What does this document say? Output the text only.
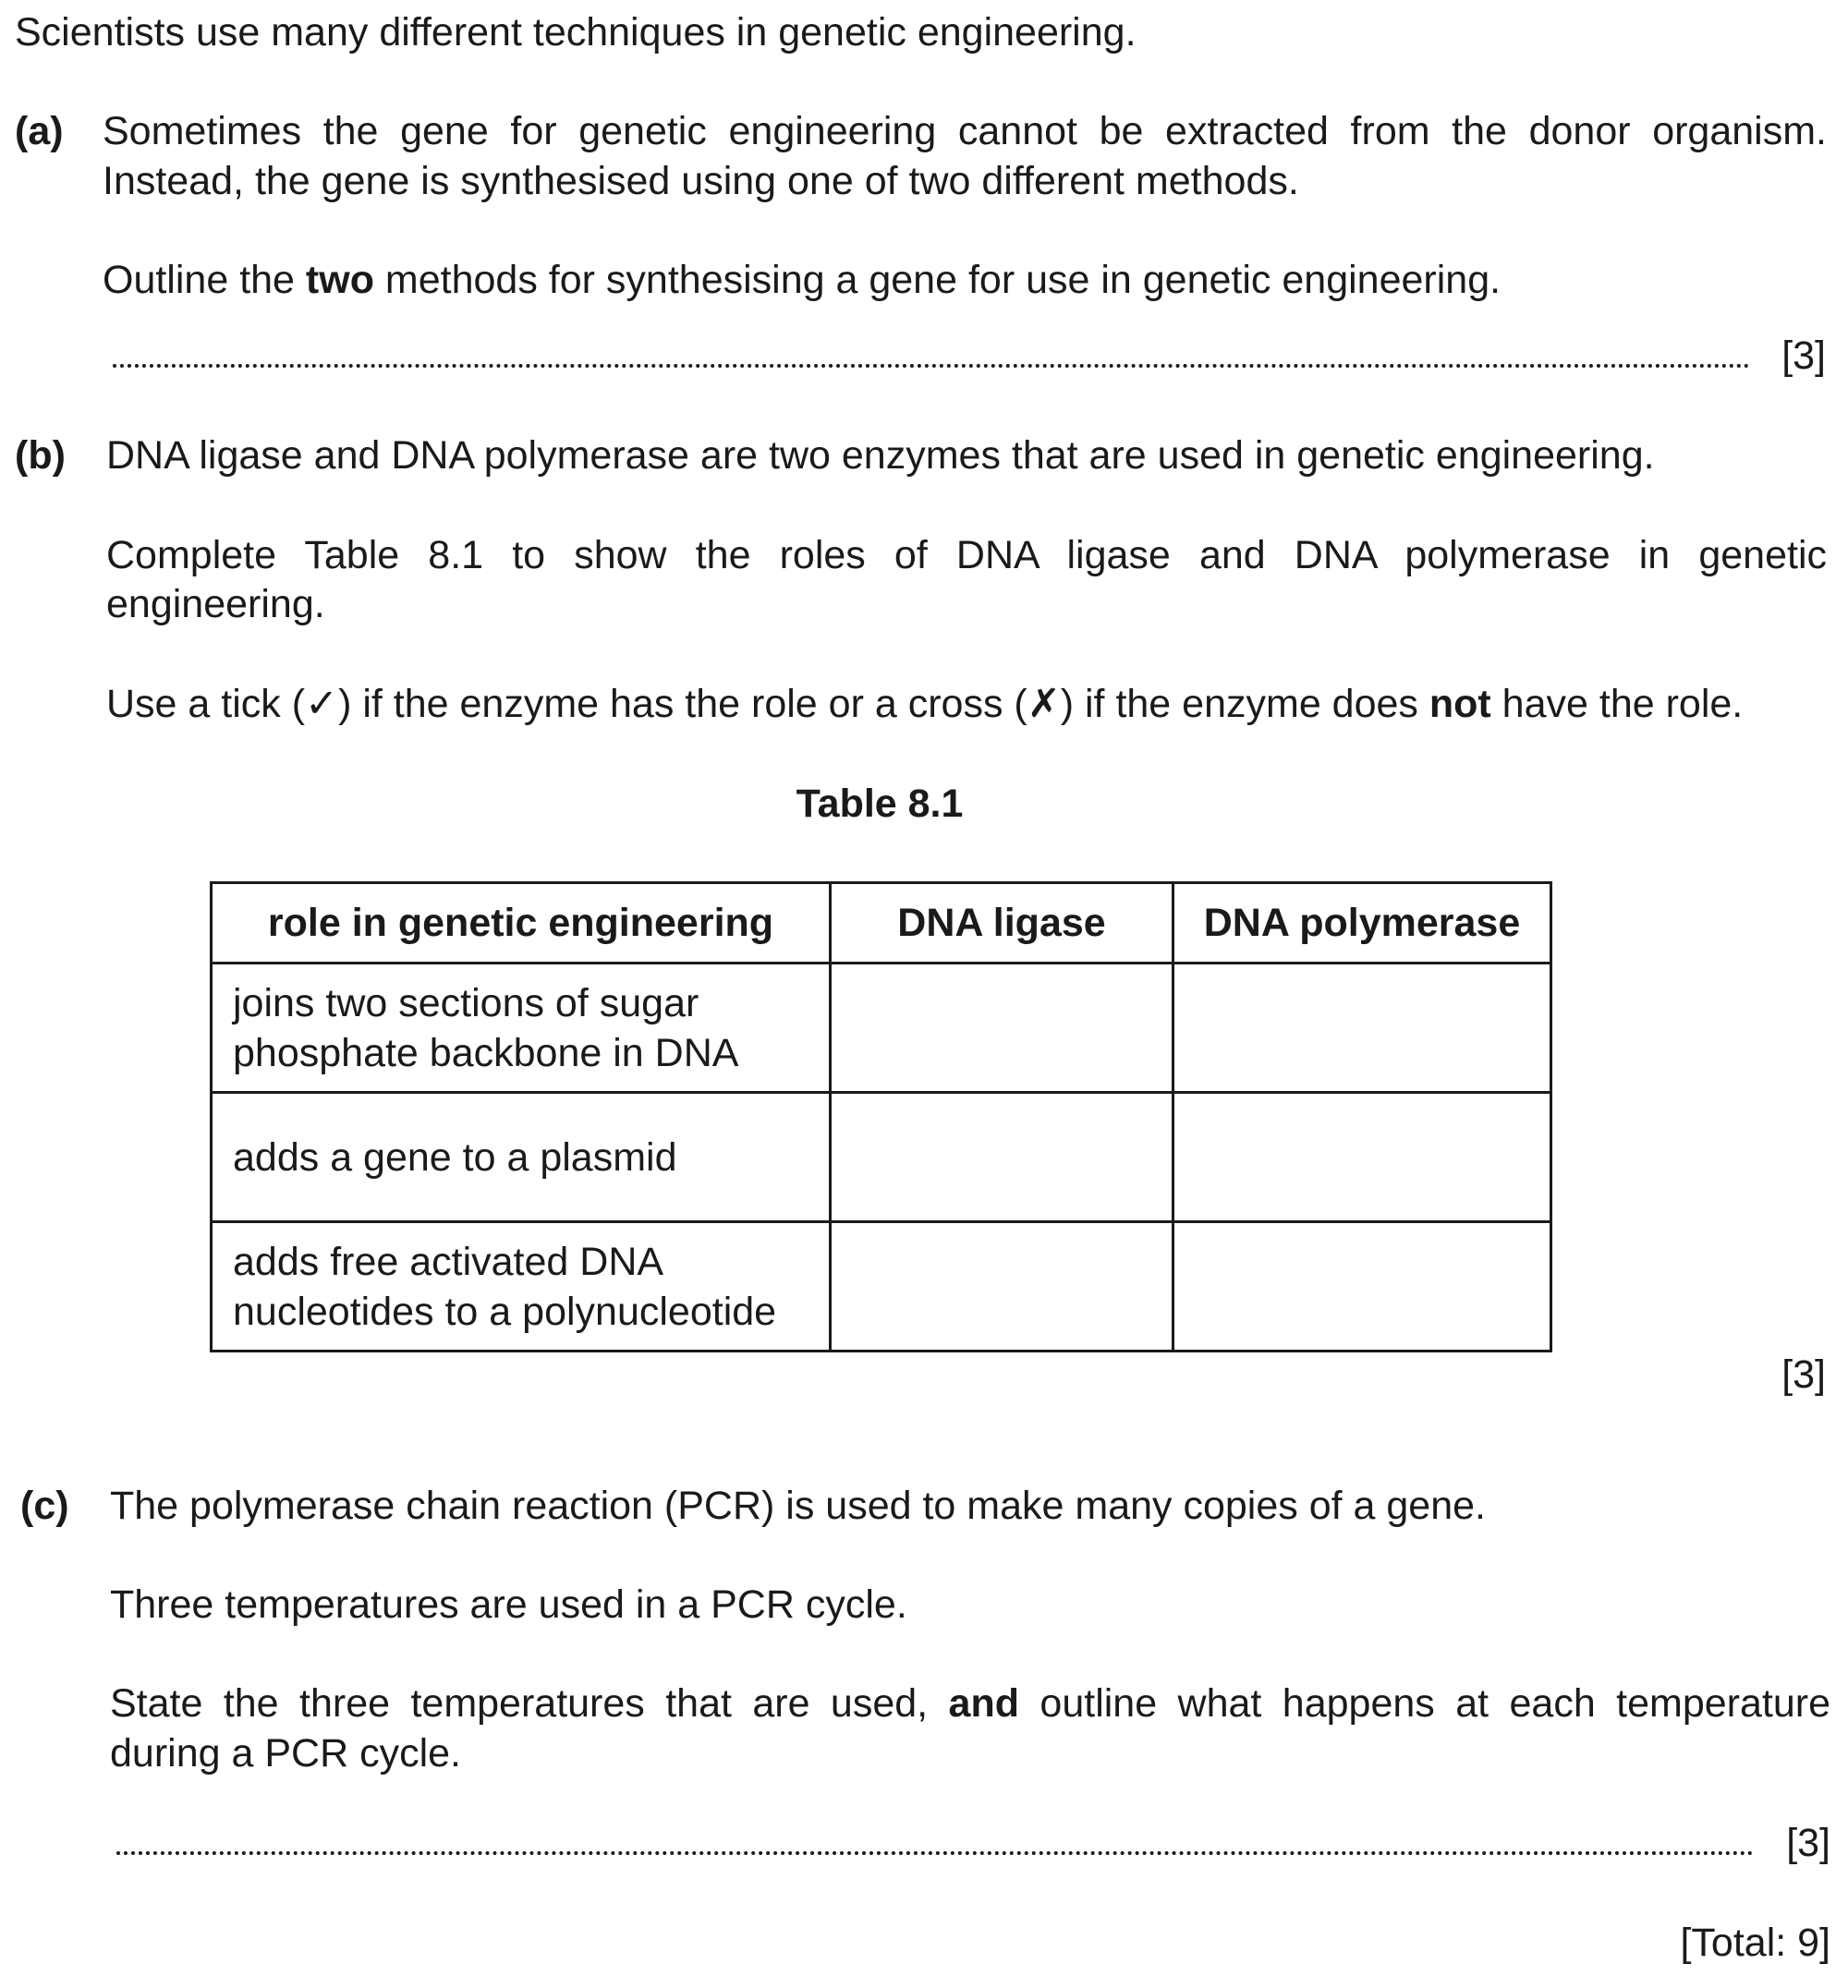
Scientists use many different techniques in genetic engineering.
(a) Sometimes the gene for genetic engineering cannot be extracted from the donor organism.
Instead, the gene is synthesised using one of two different methods.
Outline the two methods for synthesising a gene for use in genetic engineering.
[3]
(b) DNA ligase and DNA polymerase are two enzymes that are used in genetic engineering.
Complete Table 8.1 to show the roles of DNA ligase and DNA polymerase in genetic
engineering.
Use a tick (✓) if the enzyme has the role or a cross (✗) if the enzyme does not have the role.
Table 8.1
role in genetic engineering	DNA ligase	DNA polymerase

joins two sections of sugar
phosphate backbone in DNA		

adds a gene to a plasmid		

adds free activated DNA
nucleotides to a polynucleotide		

[3]
(c) The polymerase chain reaction (PCR) is used to make many copies of a gene.
Three temperatures are used in a PCR cycle.
State the three temperatures that are used, and outline what happens at each temperature
during a PCR cycle.
[3]
[Total: 9]
